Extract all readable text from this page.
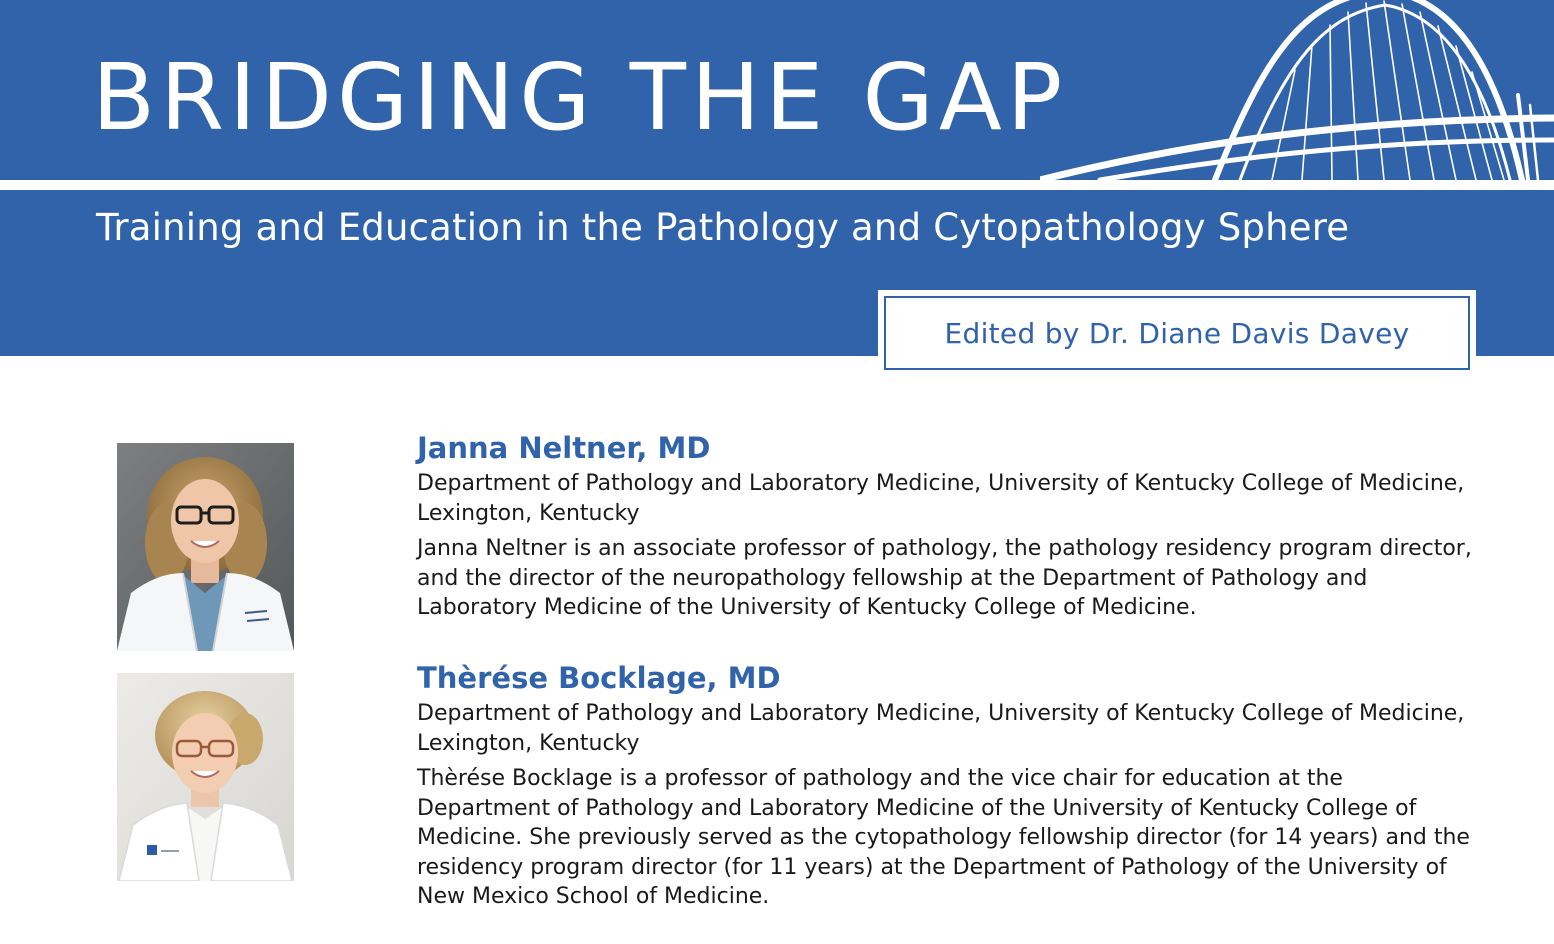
BRIDGING THE GAP
Training and Education in the Pathology and Cytopathology Sphere
Edited by Dr. Diane Davis Davey
Janna Neltner, MD

Department of Pathology and Laboratory Medicine, University of Kentucky College of Medicine, Lexington, Kentucky

Janna Neltner is an associate professor of pathology, the pathology residency program director, and the director of the neuropathology fellowship at the Department of Pathology and Laboratory Medicine of the University of Kentucky College of Medicine.

Thèrése Bocklage, MD

Department of Pathology and Laboratory Medicine, University of Kentucky College of Medicine, Lexington, Kentucky

Thèrése Bocklage is a professor of pathology and the vice chair for education at the Department of Pathology and Laboratory Medicine of the University of Kentucky College of Medicine. She previously served as the cytopathology fellowship director (for 14 years) and the residency program director (for 11 years) at the Department of Pathology of the University of New Mexico School of Medicine.
